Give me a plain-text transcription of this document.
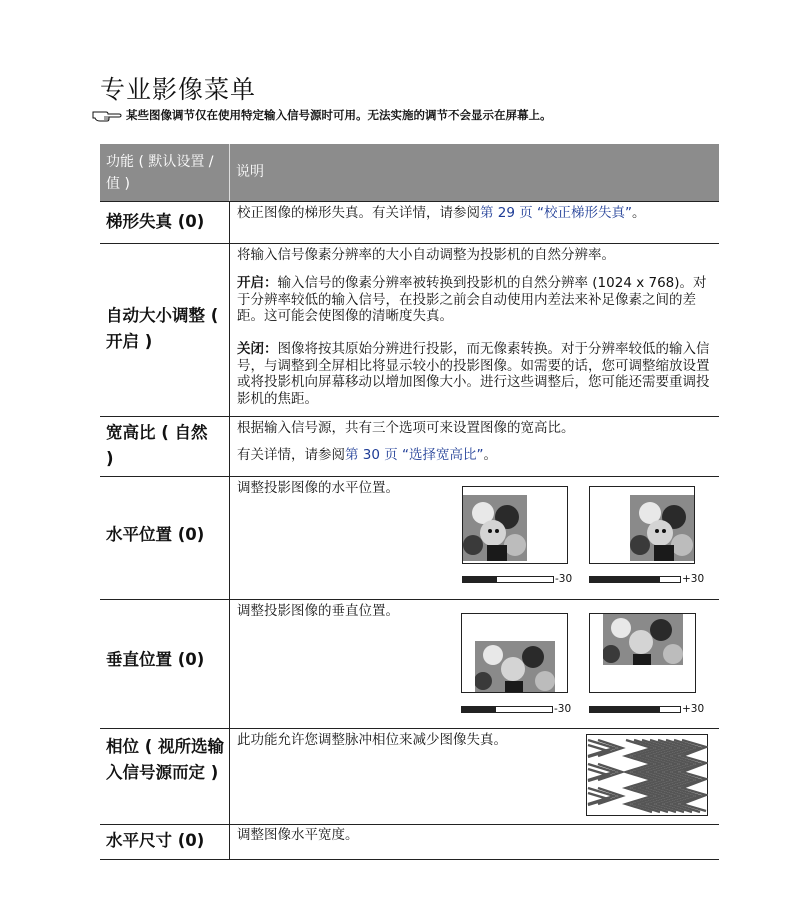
专业影像菜单
某些图像调节仅在使用特定输入信号源时可用。无法实施的调节不会显示在屏幕上。
功能 ( 默认设置 / 值 )
说明
梯形失真 (0) 校正图像的梯形失真。有关详情，请参阅第 29 页 “校正梯形失真”。
自动大小调整 ( 开启 )
将输入信号像素分辨率的大小自动调整为投影机的自然分辨率。
开启：输入信号的像素分辨率被转换到投影机的自然分辨率 (1024 x 768)。对于分辨率较低的输入信号，在投影之前会自动使用内差法来补足像素之间的差距。这可能会使图像的清晰度失真。
关闭：图像将按其原始分辨进行投影，而无像素转换。对于分辨率较低的输入信号，与调整到全屏相比将显示较小的投影图像。如需要的话，您可调整缩放设置或将投影机向屏幕移动以增加图像大小。进行这些调整后，您可能还需要重调投影机的焦距。
宽高比 ( 自然 )
根据输入信号源，共有三个选项可来设置图像的宽高比。
有关详情，请参阅第 30 页 “选择宽高比”。
水平位置 (0)
调整投影图像的水平位置。
-30	+30
垂直位置 (0)
调整投影图像的垂直位置。
-30	+30
相位 ( 视所选输入信号源而定 )
此功能允许您调整脉冲相位来减少图像失真。
水平尺寸 (0) 调整图像水平宽度。
